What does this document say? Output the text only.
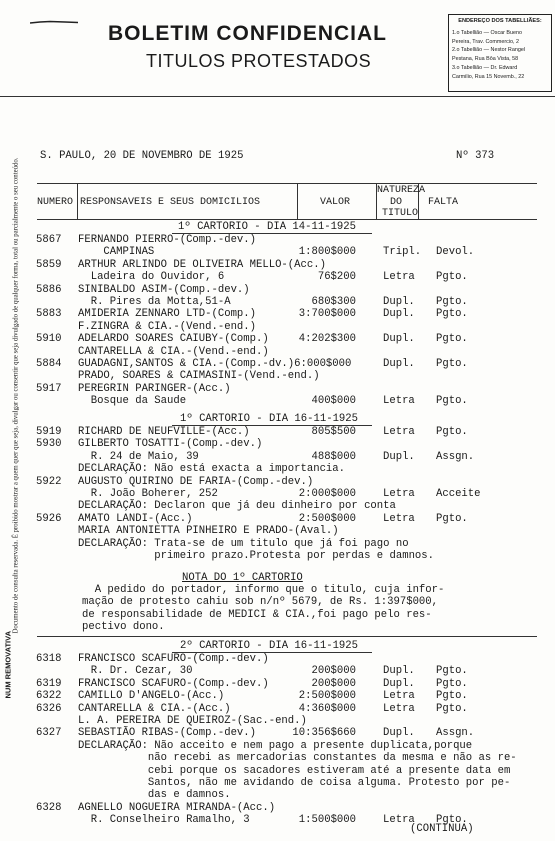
BOLETIM CONFIDENCIAL
TITULOS PROTESTADOS
ENDEREÇO DOS TABELLIÃES:
1.o Tabellião — Oscar Bueno
Pereira, Trav. Commercio, 2
2.o Tabellião — Nestor Rangel
Pestana, Rua Bôa Vista, 58
3.o Tabellião — Dr. Edward
Carmilio, Rua 15 Novemb., 22
Documento de consulta reservada. É proibido mostrar a quem quer que seja, divulgar ou consentir que seja divulgado de qualquer forma, total ou parcialmente o seu conteúdo.
NUM REMOVATIVA
S. PAULO, 20 DE NOVEMBRO DE 1925	Nº 373
NUMERO RESPONSAVEIS E SEUS DOMICILIOS	VALOR
NATUREZA
DO
TITULO
FALTA
1º CARTORIO - DIA 14-11-1925
5867 FERNANDO PIERRO-(Comp.-dev.)
CAMPINAS	1:800$000	Tripl. Devol.
5859 ARTHUR ARLINDO DE OLIVEIRA MELLO-(Acc.)
Ladeira do Ouvidor, 6	76$200	Letra Pgto.
5886 SINIBALDO ASIM-(Comp.-dev.)
R. Pires da Motta,51-A	680$300	Dupl. Pgto.
5883 AMIDERIA ZENNARO LTD-(Comp.)	3:700$000	Dupl. Pgto.
F.ZINGRA & CIA.-(Vend.-end.)
5910 ADELARDO SOARES CAIUBY-(Comp.)	4:202$300	Dupl. Pgto.
CANTARELLA & CIA.-(Vend.-end.)
5884 GUADAGNI,SANTOS & CIA.-(Comp.-dv.)6:000$000	Dupl. Pgto.
PRADO, SOARES & CAIMASINI-(Vend.-end.)
5917 PEREGRIN PARINGER-(Acc.)
Bosque da Saude	400$000	Letra Pgto.
1º CARTORIO - DIA 16-11-1925
5919 RICHARD DE NEUFVILLE-(Acc.)	805$500	Letra Pgto.
5930 GILBERTO TOSATTI-(Comp.-dev.)
R. 24 de Maio, 39	488$000	Dupl. Assgn.
DECLARAÇÃO: Não está exacta a importancia.
5922 AUGUSTO QUIRINO DE FARIA-(Comp.-dev.)
R. João Boherer, 252	2:000$000	Letra Acceite
DECLARAÇÃO: Declaron que já deu dinheiro por conta
5926 AMATO LANDI-(Acc.)	2:500$000	Letra Pgto.
MARIA ANTONIETTA PINHEIRO E PRADO-(Aval.)
DECLARAÇÃO: Trata-se de um titulo que já foi pago no
primeiro prazo.Protesta por perdas e damnos.
NOTA DO 1º CARTORIO
A pedido do portador, informo que o titulo, cuja infor-
mação de protesto cahiu sob n/nº 5679, de Rs. 1:397$000,
de responsabilidade de MEDICI & CIA.,foi pago pelo res-
pectivo dono.
2º CARTORIO - DIA 16-11-1925
6318 FRANCISCO SCAFURO-(Comp.-dev.)
R. Dr. Cezar, 30	200$000	Dupl. Pgto.
6319 FRANCISCO SCAFURO-(Comp.-dev.)	200$000	Dupl. Pgto.
6322 CAMILLO D'ANGELO-(Acc.)	2:500$000	Letra Pgto.
6326 CANTARELLA & CIA.-(Acc.)	4:360$000	Letra Pgto.
L. A. PEREIRA DE QUEIROZ-(Sac.-end.)
6327 SEBASTIÃO RIBAS-(Comp.-dev.)	10:356$660	Dupl. Assgn.
DECLARAÇÃO: Não acceito e nem pago a presente duplicata,porque
não recebi as mercadorias constantes da mesma e não as re-
cebi porque os sacadores estiveram até a presente data em
Santos, não me avidando de coisa alguma. Protesto por pe-
das e damnos.
6328 AGNELLO NOGUEIRA MIRANDA-(Acc.)
R. Conselheiro Ramalho, 3	1:500$000	Letra Pgto.
(CONTINUA)
